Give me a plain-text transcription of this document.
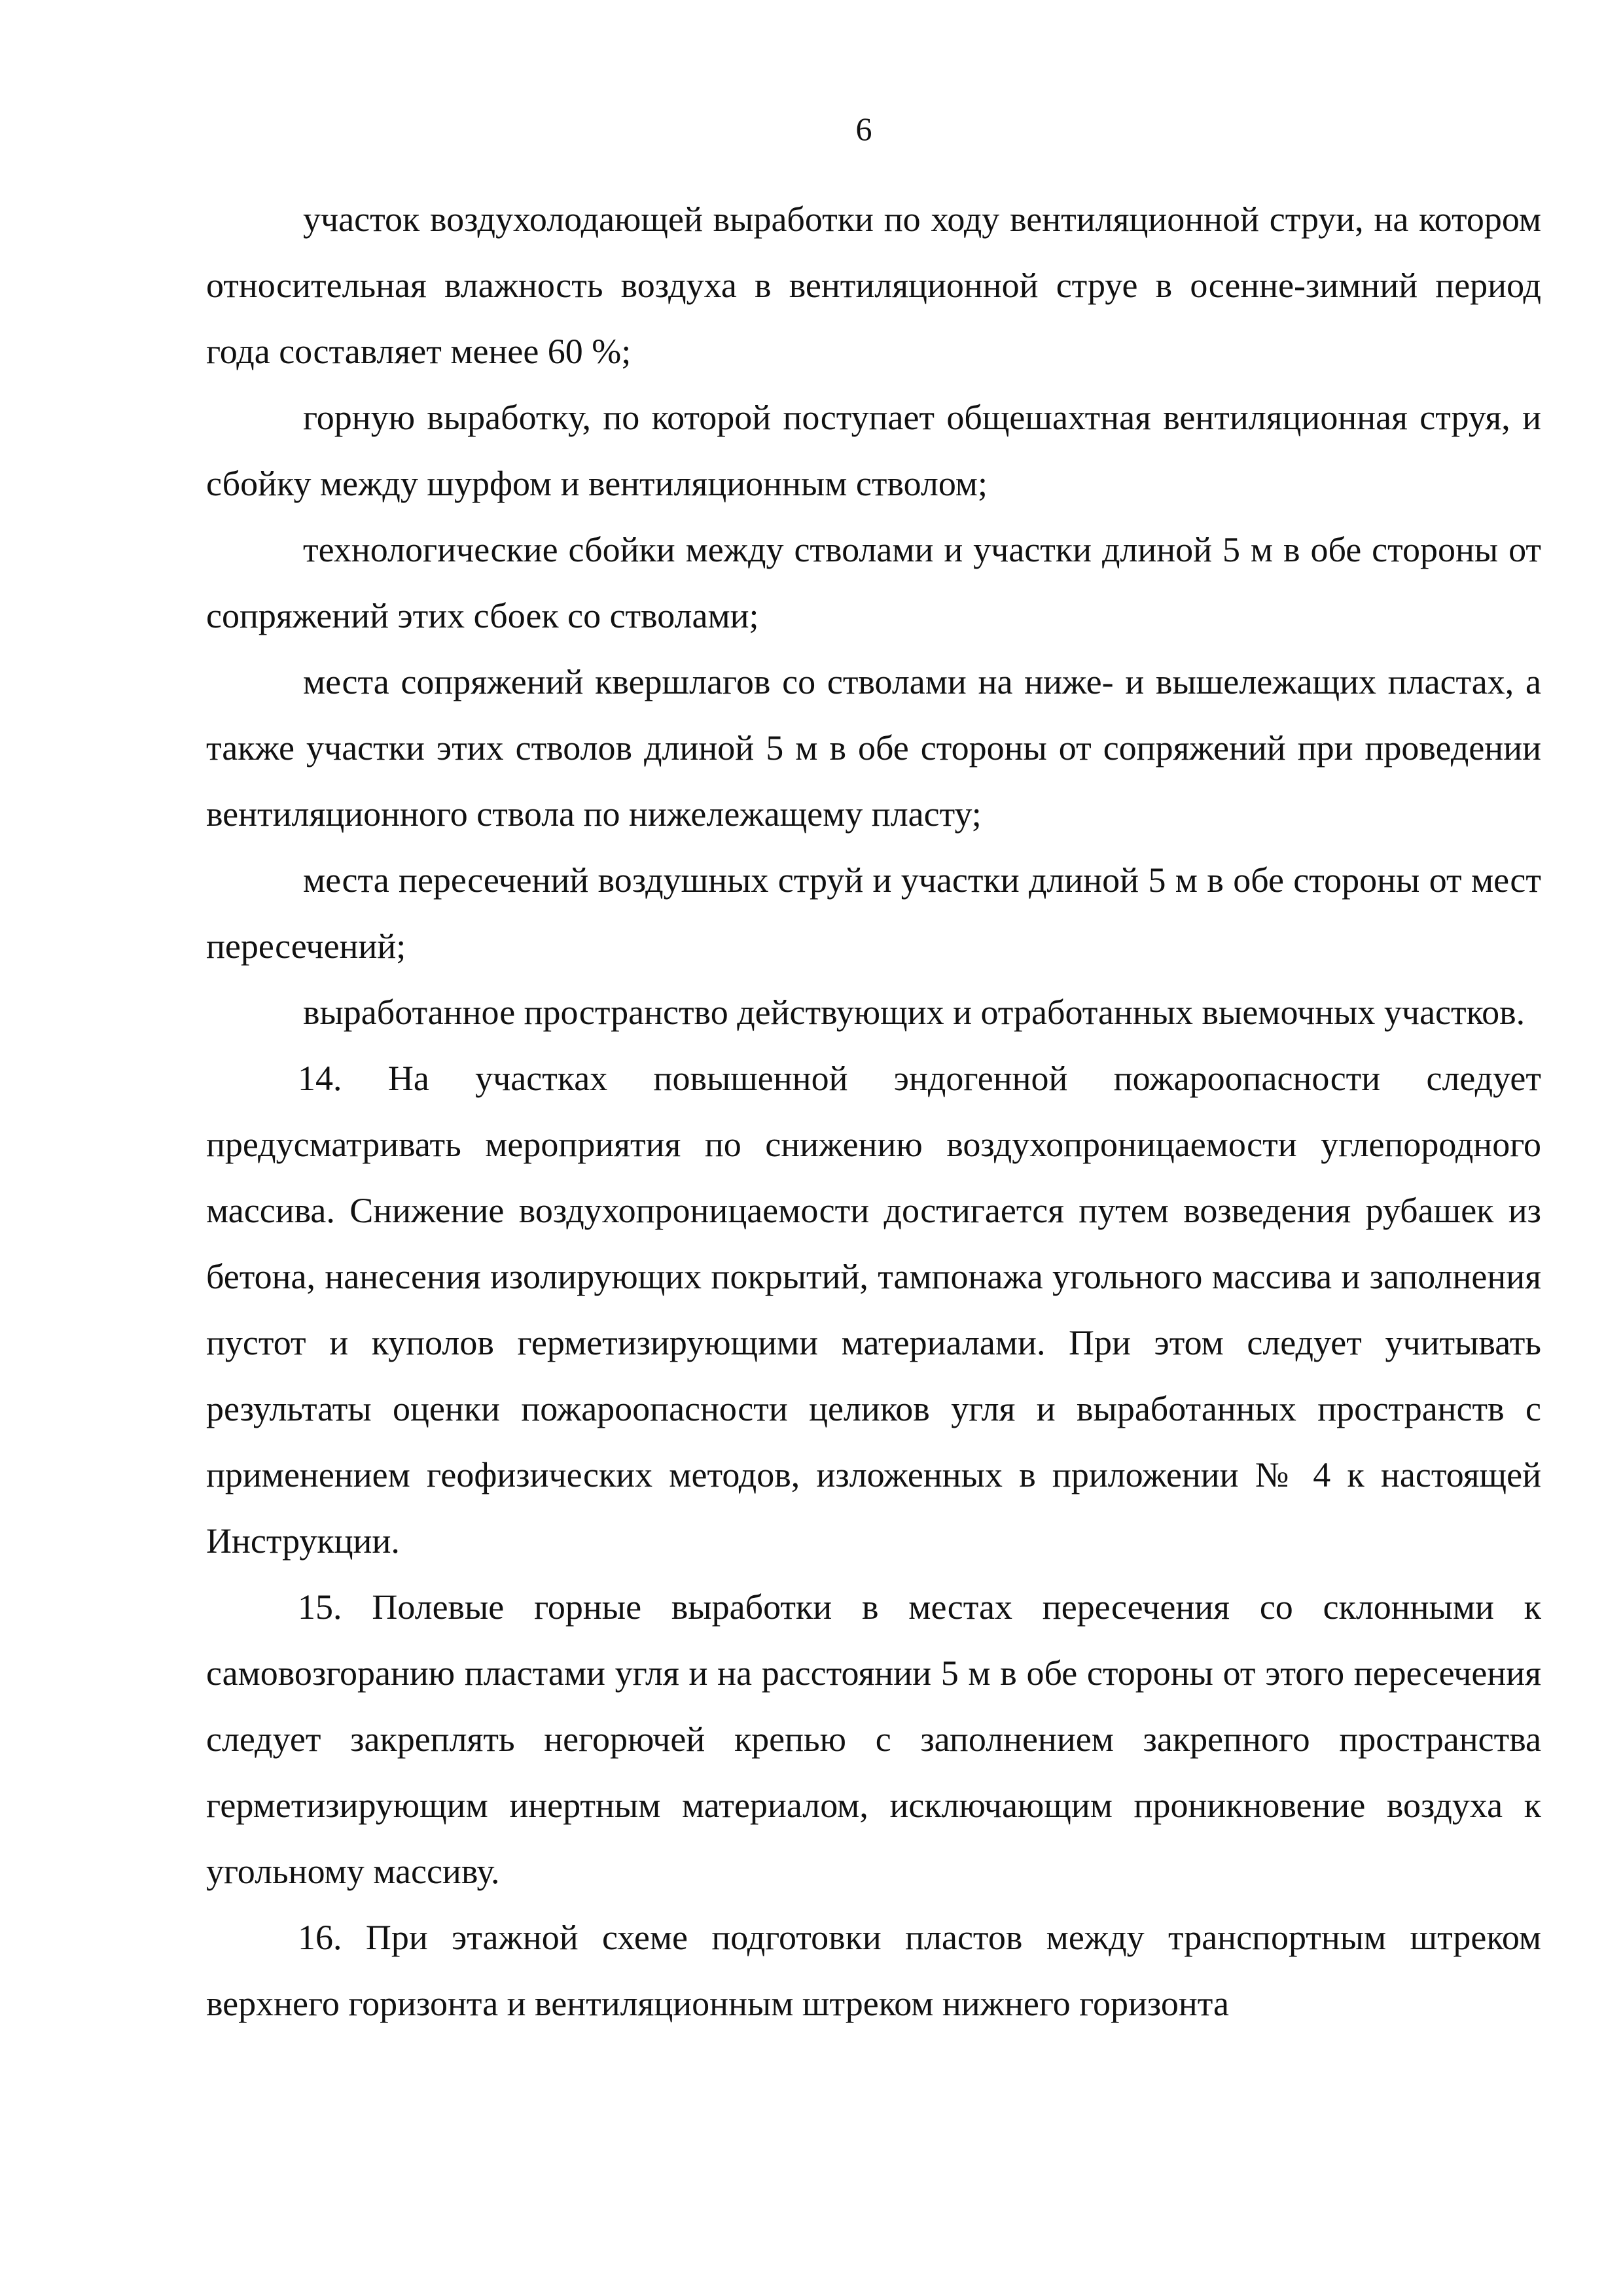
6

участок воздухолодающей выработки по ходу вентиляционной струи, на котором относительная влажность воздуха в вентиляционной струе в осенне-зимний период года составляет менее 60 %;

горную выработку, по которой поступает общешахтная вентиляционная струя, и сбойку между шурфом и вентиляционным стволом;

технологические сбойки между стволами и участки длиной 5 м в обе стороны от сопряжений этих сбоек со стволами;

места сопряжений квершлагов со стволами на ниже- и вышележащих пластах, а также участки этих стволов длиной 5 м в обе стороны от сопряжений при проведении вентиляционного ствола по нижележащему пласту;

места пересечений воздушных струй и участки длиной 5 м в обе стороны от мест пересечений;

выработанное пространство действующих и отработанных выемочных участков.

14. На участках повышенной эндогенной пожароопасности следует предусматривать мероприятия по снижению воздухопроницаемости углепородного массива. Снижение воздухопроницаемости достигается путем возведения рубашек из бетона, нанесения изолирующих покрытий, тампонажа угольного массива и заполнения пустот и куполов герметизирующими материалами. При этом следует учитывать результаты оценки пожароопасности целиков угля и выработанных пространств с применением геофизических методов, изложенных в приложении № 4 к настоящей Инструкции.

15. Полевые горные выработки в местах пересечения со склонными к самовозгоранию пластами угля и на расстоянии 5 м в обе стороны от этого пересечения следует закреплять негорючей крепью с заполнением закрепного пространства герметизирующим инертным материалом, исключающим проникновение воздуха к угольному массиву.

16. При этажной схеме подготовки пластов между транспортным штреком верхнего горизонта и вентиляционным штреком нижнего горизонта
